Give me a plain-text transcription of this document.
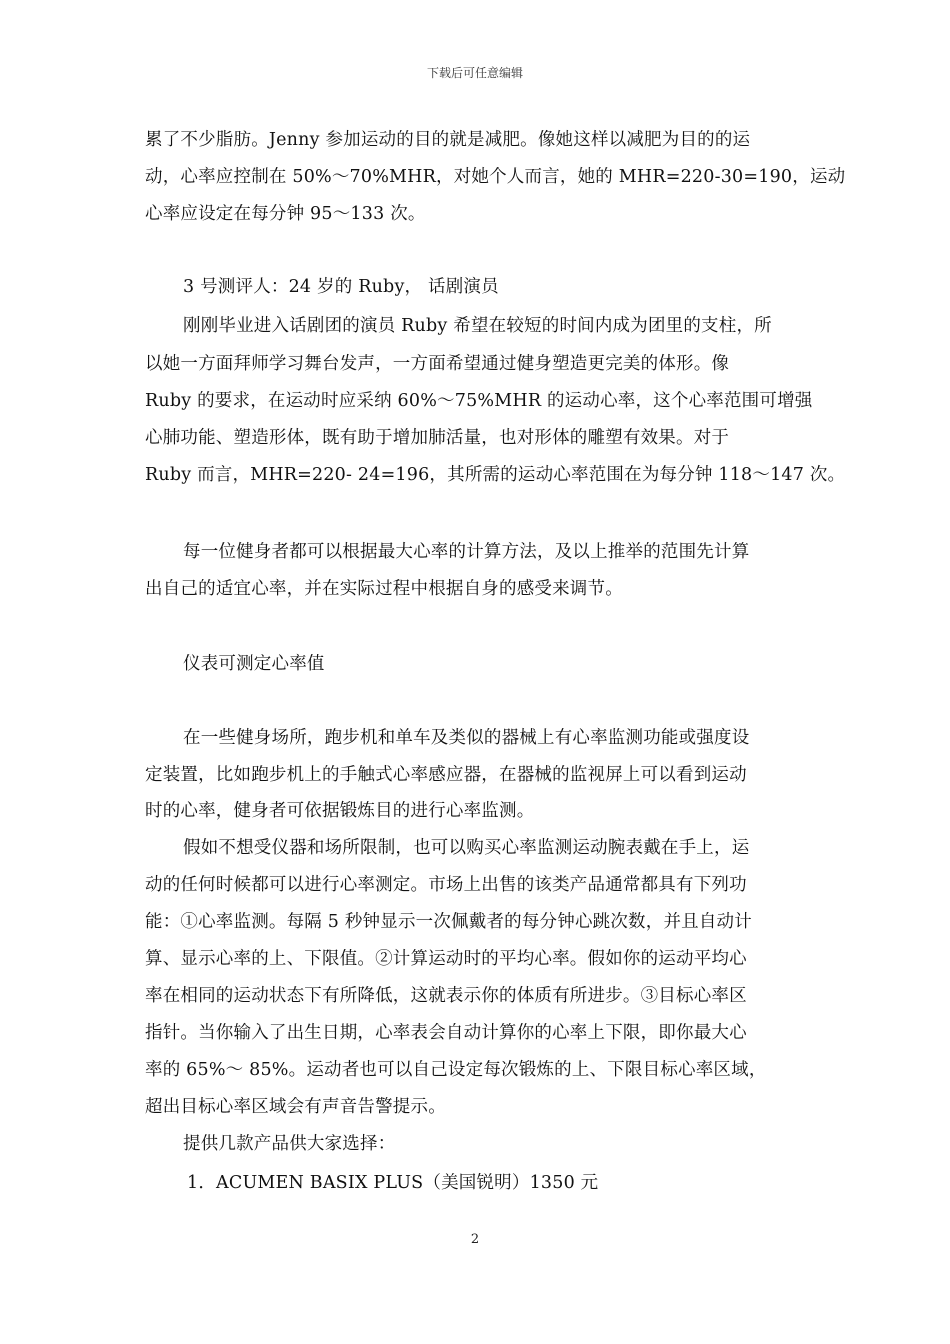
下载后可任意编辑
累了不少脂肪。Jenny 参加运动的目的就是减肥。像她这样以减肥为目的的运
动，心率应控制在 50%～70%MHR，对她个人而言，她的 MHR=220-30=190，运动
心率应设定在每分钟 95～133 次。
3 号测评人：24 岁的 Ruby， 话剧演员
刚刚毕业进入话剧团的演员 Ruby 希望在较短的时间内成为团里的支柱，所
以她一方面拜师学习舞台发声，一方面希望通过健身塑造更完美的体形。像
Ruby 的要求，在运动时应采纳 60%～75%MHR 的运动心率，这个心率范围可增强
心肺功能、塑造形体，既有助于增加肺活量，也对形体的雕塑有效果。对于
Ruby 而言，MHR=220- 24=196，其所需的运动心率范围在为每分钟 118～147 次。
每一位健身者都可以根据最大心率的计算方法，及以上推举的范围先计算
出自己的适宜心率，并在实际过程中根据自身的感受来调节。
仪表可测定心率值
在一些健身场所，跑步机和单车及类似的器械上有心率监测功能或强度设
定装置，比如跑步机上的手触式心率感应器，在器械的监视屏上可以看到运动
时的心率，健身者可依据锻炼目的进行心率监测。
假如不想受仪器和场所限制，也可以购买心率监测运动腕表戴在手上，运
动的任何时候都可以进行心率测定。市场上出售的该类产品通常都具有下列功
能：①心率监测。每隔 5 秒钟显示一次佩戴者的每分钟心跳次数，并且自动计
算、显示心率的上、下限值。②计算运动时的平均心率。假如你的运动平均心
率在相同的运动状态下有所降低，这就表示你的体质有所进步。③目标心率区
指针。当你输入了出生日期，心率表会自动计算你的心率上下限，即你最大心
率的 65%～ 85%。运动者也可以自己设定每次锻炼的上、下限目标心率区域，
超出目标心率区域会有声音告警提示。
提供几款产品供大家选择：
1．ACUMEN BASIX PLUS（美国锐明）1350 元
2
